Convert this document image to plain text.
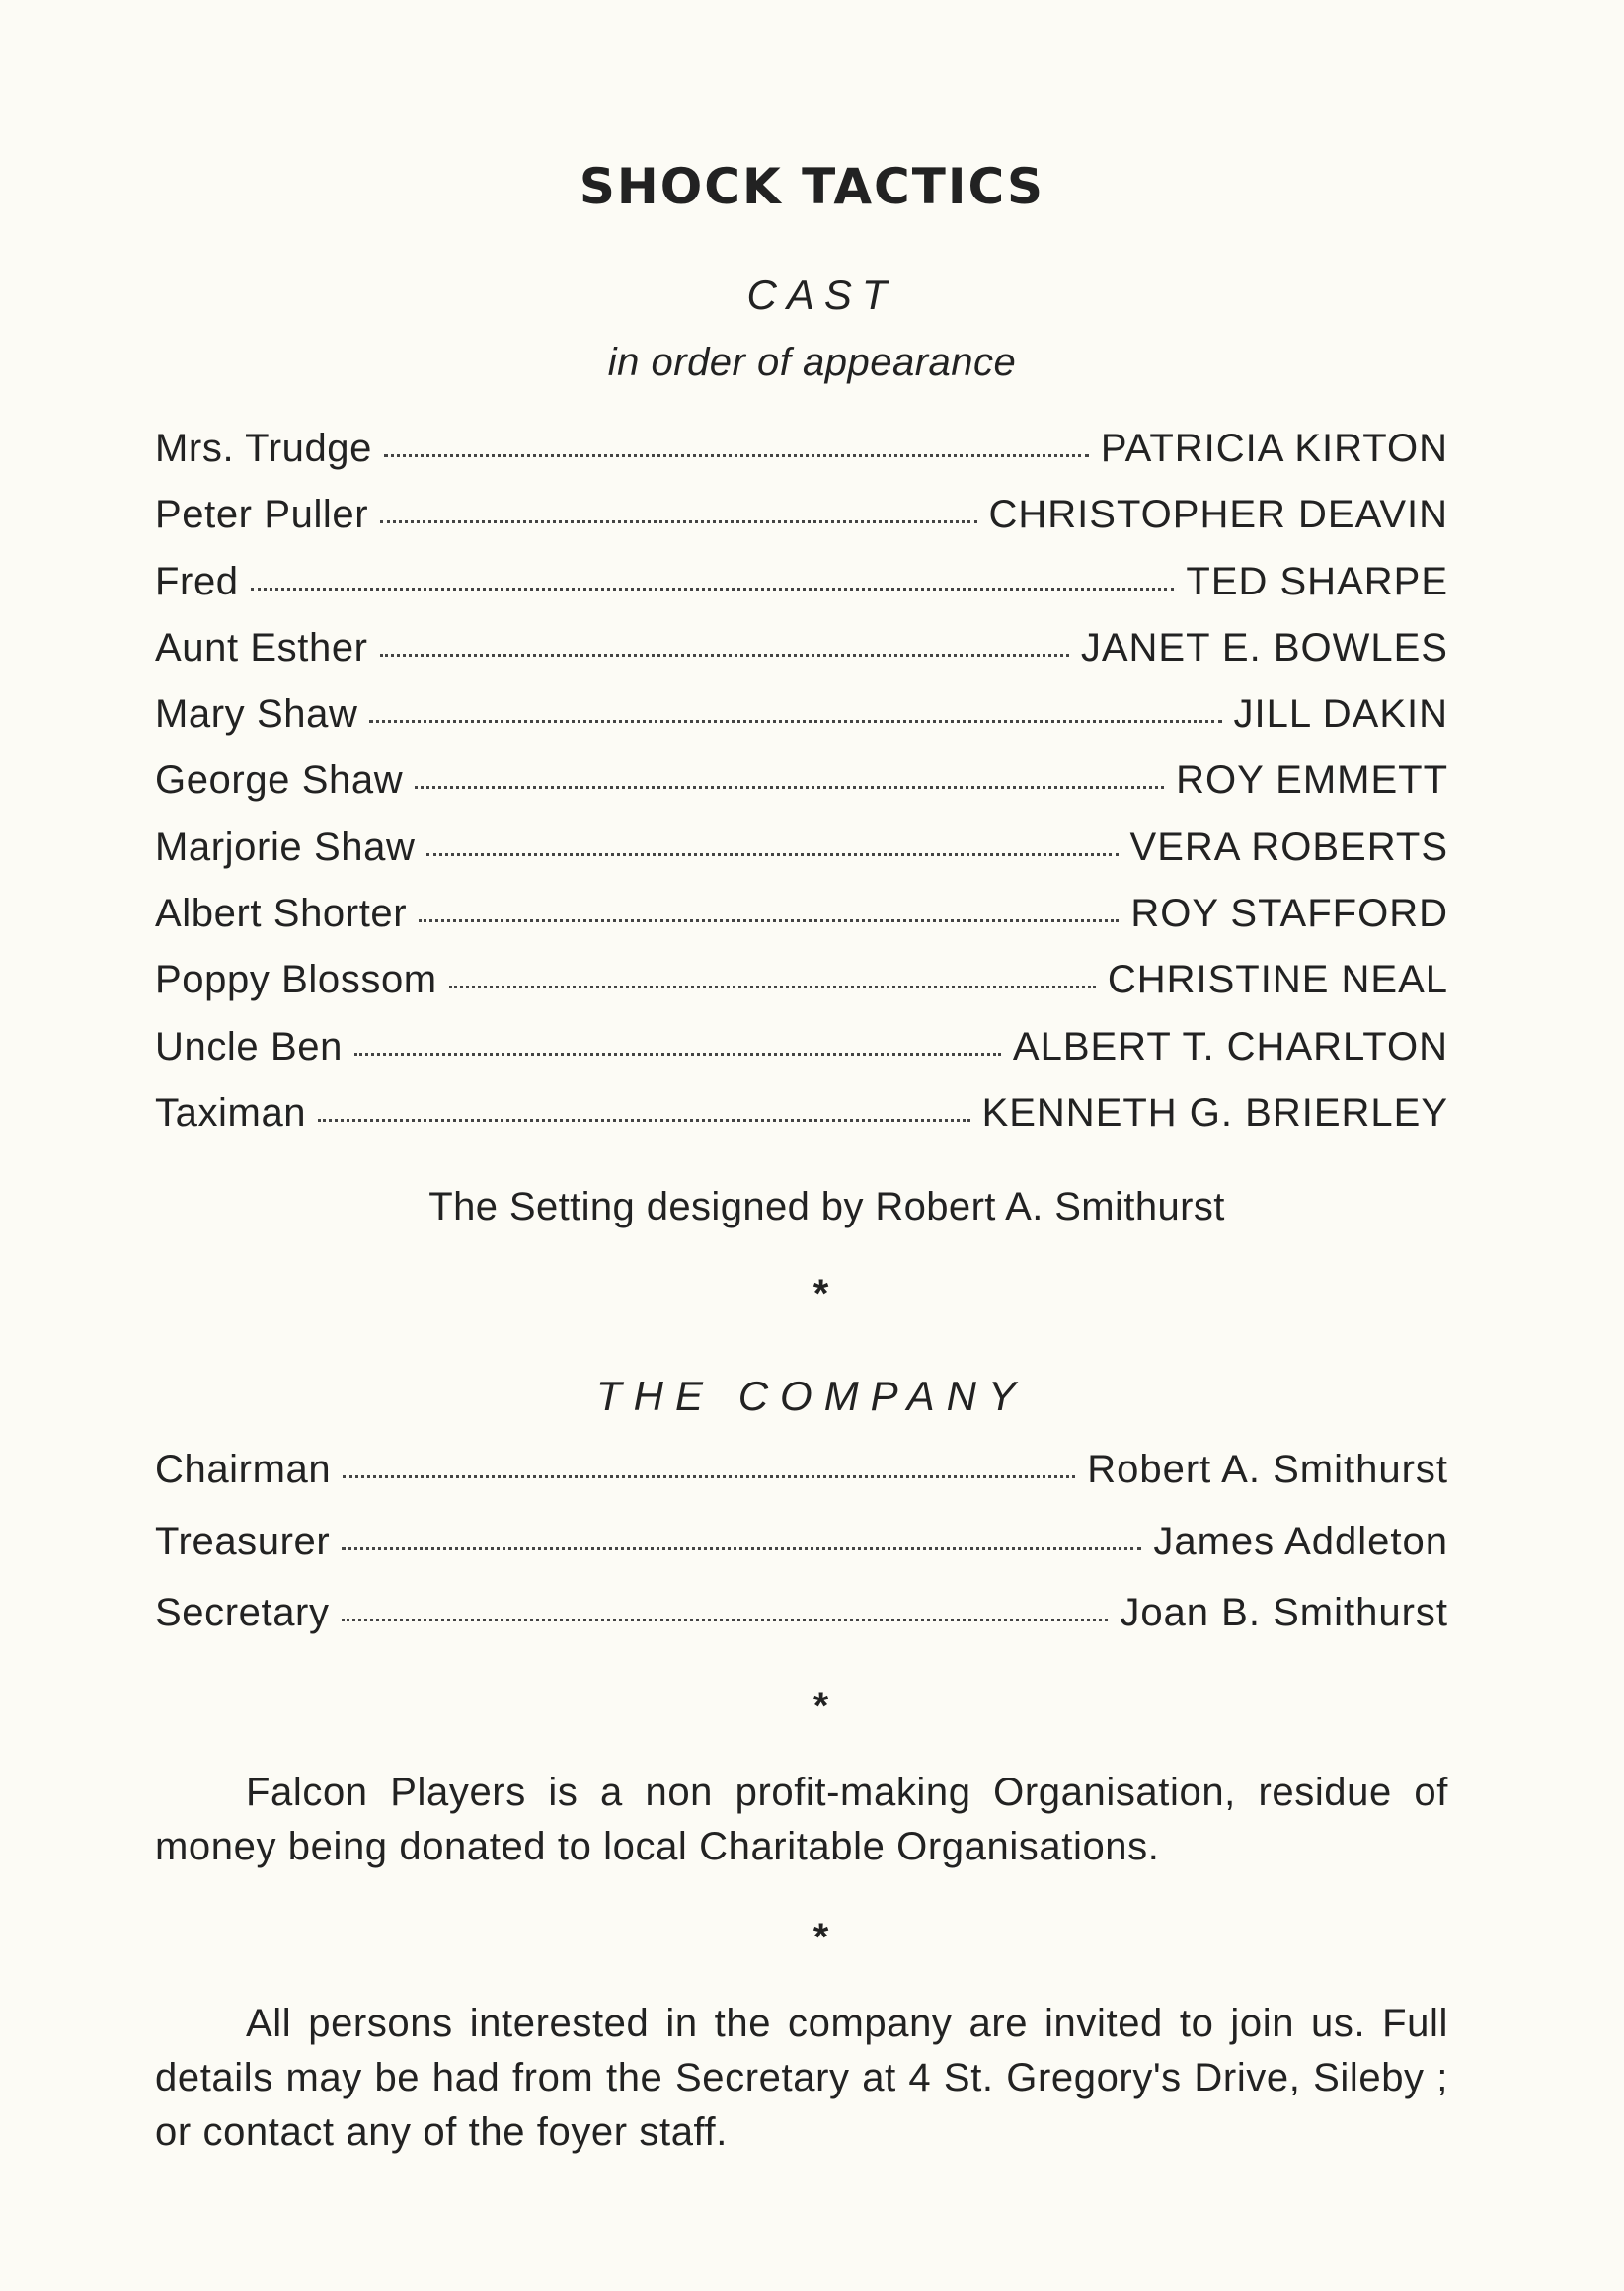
SHOCK TACTICS
CAST
in order of appearance
Mrs. Trudge	PATRICIA KIRTON
Peter Puller	CHRISTOPHER DEAVIN
Fred	TED SHARPE
Aunt Esther	JANET E. BOWLES
Mary Shaw	JILL DAKIN
George Shaw	ROY EMMETT
Marjorie Shaw	VERA ROBERTS
Albert Shorter	ROY STAFFORD
Poppy Blossom	CHRISTINE NEAL
Uncle Ben	ALBERT T. CHARLTON
Taximan	KENNETH G. BRIERLEY
The Setting designed by Robert A. Smithurst
*
THE COMPANY
Chairman	Robert A. Smithurst
Treasurer	James Addleton
Secretary	Joan B. Smithurst
*
Falcon Players is a non profit-making Organisation, residue of money being donated to local Charitable Organisations.
*
All persons interested in the company are invited to join us. Full details may be had from the Secretary at 4 St. Gregory's Drive, Sileby ; or contact any of the foyer staff.
